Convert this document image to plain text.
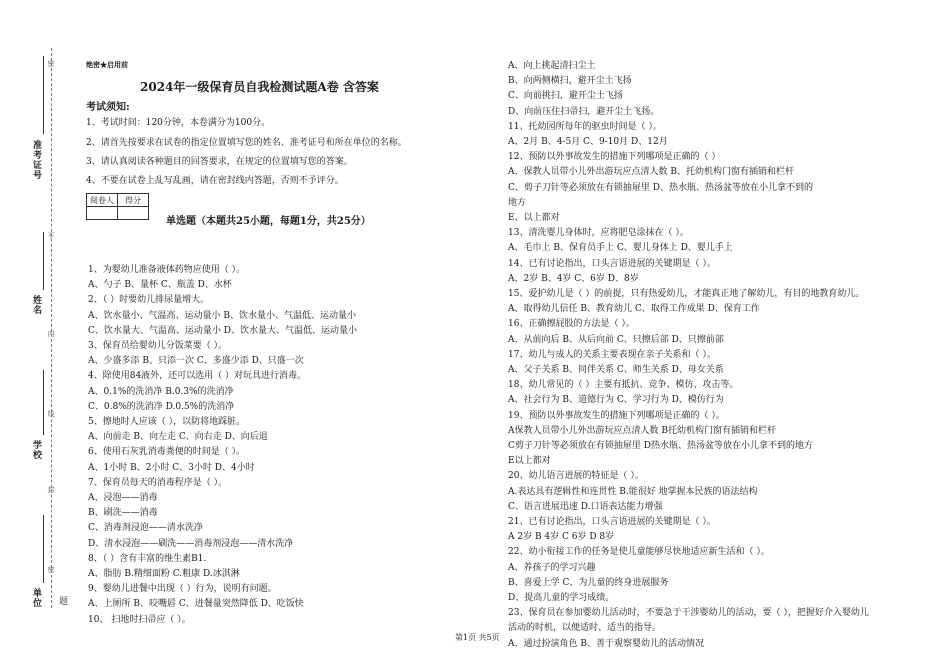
准考证号
姓名
学校
单位
密
不
内
线
封
密
题
绝密★启用前
2024年一级保育员自我检测试题A卷 含答案
考试须知:
1、考试时间：120分钟，本卷满分为100分。
2、请首先按要求在试卷的指定位置填写您的姓名、准考证号和所在单位的名称。
3、请认真阅读各种题目的回答要求，在规定的位置填写您的答案。
4、不要在试卷上乱写乱画，请在密封线内答题，否则不予评分。
阅卷人	得分

单选题（本题共25小题，每题1分，共25分）
1、为婴幼儿准备液体药物应使用（ ）。
A、勺子 B、量杯 C、瓶盖 D、水杯
2、（ ）时要幼儿排尿量增大。
A、饮水量小、气温高、运动量小 B、饮水量小、气温低、运动量小
C、饮水量大、气温高、运动量小 D、饮水量大、气温低、运动量小
3、保育员给婴幼儿分饭菜要（ ）。
A、少盛多添 B、只添一次 C、多盛少添 D、只盛一次
4、除使用84液外，还可以选用（ ）对玩具进行消毒。
A、0.1%的洗消净 B.0.3%的洗消净
C、0.8%的洗消净 D.0.5%的洗消净
5、擦地时人应该（ ），以防将地踩脏。
A、向前走 B、向左走 C、向右走 D、向后退
6、使用石灰乳消毒粪便的时间是（ ）。
A、1小时 B、2小时 C、3小时 D、4小时
7、保育员每天的消毒程序是（ ）。
A、浸泡——消毒
B、刷洗——消毒
C、消毒剂浸泡——清水洗净
D、清水浸泡——刷洗——消毒剂浸泡——清水洗净
8、（ ）含有丰富的维生素B1.
A、脂肪 B.精细面粉 C.粗康 D.冰淇淋
9、婴幼儿进餐中出现（ ）行为，说明有问题。
A、上厕所 B、咬嘴唇 C、进餐量突然降低 D、吃饭快
10、 扫地时扫帚应（ ）。
A、向上挑起清扫尘土
B、向两侧横扫，避开尘土飞扬
C、向前挑扫，避开尘土飞扬
D、向前压住扫帚扫，避开尘土飞扬。
11、托幼园所每年的驱虫时间是（ ）。
A、2月 B、4-5月 C、9-10月 D、12月
12、预防以外事故发生的措施下列哪项是正确的（ ）
A、保教人员带小儿外出游玩应点清人数 B、托幼机构门窗有插销和栏杆
C、剪子刀针等必须放在有锁抽屉里 D、热水瓶、热汤盆等放在小儿拿不到的
地方
E、以上都对
13、清洗婴儿身体时，应将肥皂涂抹在（ ）。
A、毛巾上 B、保育员手上 C、婴儿身体上 D、婴儿手上
14、已有讨论指出，口头言语进展的关键期是（ ）。
A、2岁 B、4岁 C、6岁 D、8岁
15、爱护幼儿是（ ）的前提，只有热爱幼儿，才能真正地了解幼儿，有目的地教育幼儿。
A、取得幼儿信任 B、教育幼儿 C、取得工作成果 D、保育工作
16、正确擦屁股的方法是（ ）。
A、从前向后 B、从后向前 C、只擦后部 D、只擦前部
17、幼儿与成人的关系主要表现在亲子关系和（ ）。
A、父子关系 B、同伴关系 C、师生关系 D、母女关系
18、幼儿常见的（ ）主要有抵抗、竞争、模仿、攻击等。
A、社会行为 B、道德行为 C、学习行为 D、模仿行为
19、预防以外事故发生的措施下列哪项是正确的（ ）。
A保教人员带小儿外出游玩应点清人数 B托幼机构门窗有插销和栏杆
C剪子刀针等必须放在有锁抽屉里 D热水瓶、热汤盆等放在小儿拿不到的地方
E以上都对
20、幼儿语言进展的特征是（ ）。
A.表达具有逻辑性和连贯性 B.能很好 地掌握本民族的语法结构
C、语言进展迅速 D.口语表达能力增强
21、已有讨论指出，口头言语进展的关键期是（ ）。
A 2岁 B 4岁 C 6岁 D 8岁
22、幼小衔接工作的任务是使儿童能够尽快地适应新生活和（ ）。
A、养孩子的学习兴趣
B、喜爱上学 C、为儿童的终身进展服务
D、提高儿童的学习成绩。
23、保育员在参加婴幼儿活动时，不要急于干涉婴幼儿的活动，要（ ），把握好介入婴幼儿
活动的时机，以便适时、适当的指导。
A、通过扮演角色 B、善于观察婴幼儿的活动情况
第1页 共5页
